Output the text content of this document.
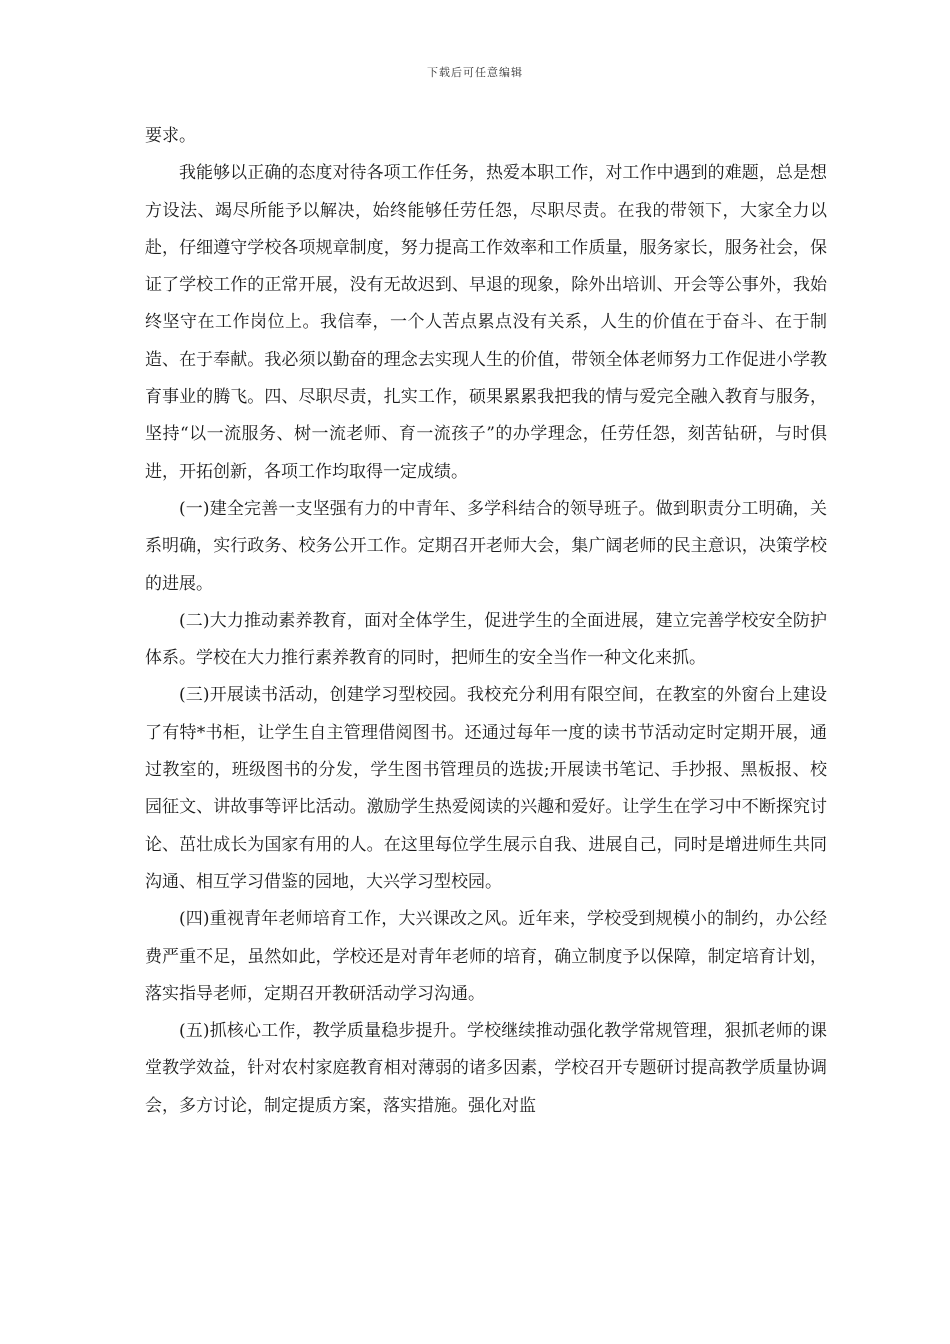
下载后可任意编辑

要求。

我能够以正确的态度对待各项工作任务，热爱本职工作，对工作中遇到的难题，总是想方设法、竭尽所能予以解决，始终能够任劳任怨，尽职尽责。在我的带领下，大家全力以赴，仔细遵守学校各项规章制度，努力提高工作效率和工作质量，服务家长，服务社会，保证了学校工作的正常开展，没有无故迟到、早退的现象，除外出培训、开会等公事外，我始终坚守在工作岗位上。我信奉，一个人苦点累点没有关系，人生的价值在于奋斗、在于制造、在于奉献。我必须以勤奋的理念去实现人生的价值，带领全体老师努力工作促进小学教育事业的腾飞。四、尽职尽责，扎实工作，硕果累累我把我的情与爱完全融入教育与服务，坚持“以一流服务、树一流老师、育一流孩子”的办学理念，任劳任怨，刻苦钻研，与时俱进，开拓创新，各项工作均取得一定成绩。

(一)建全完善一支坚强有力的中青年、多学科结合的领导班子。做到职责分工明确，关系明确，实行政务、校务公开工作。定期召开老师大会，集广阔老师的民主意识，决策学校的进展。

(二)大力推动素养教育，面对全体学生，促进学生的全面进展，建立完善学校安全防护体系。学校在大力推行素养教育的同时，把师生的安全当作一种文化来抓。

(三)开展读书活动，创建学习型校园。我校充分利用有限空间，在教室的外窗台上建设了有特*书柜，让学生自主管理借阅图书。还通过每年一度的读书节活动定时定期开展，通过教室的，班级图书的分发，学生图书管理员的选拔;开展读书笔记、手抄报、黑板报、校园征文、讲故事等评比活动。激励学生热爱阅读的兴趣和爱好。让学生在学习中不断探究讨论、茁壮成长为国家有用的人。在这里每位学生展示自我、进展自己，同时是增进师生共同沟通、相互学习借鉴的园地，大兴学习型校园。

(四)重视青年老师培育工作，大兴课改之风。近年来，学校受到规模小的制约，办公经费严重不足，虽然如此，学校还是对青年老师的培育，确立制度予以保障，制定培育计划，落实指导老师，定期召开教研活动学习沟通。

(五)抓核心工作，教学质量稳步提升。学校继续推动强化教学常规管理，狠抓老师的课堂教学效益，针对农村家庭教育相对薄弱的诸多因素，学校召开专题研讨提高教学质量协调会，多方讨论，制定提质方案，落实措施。强化对监
